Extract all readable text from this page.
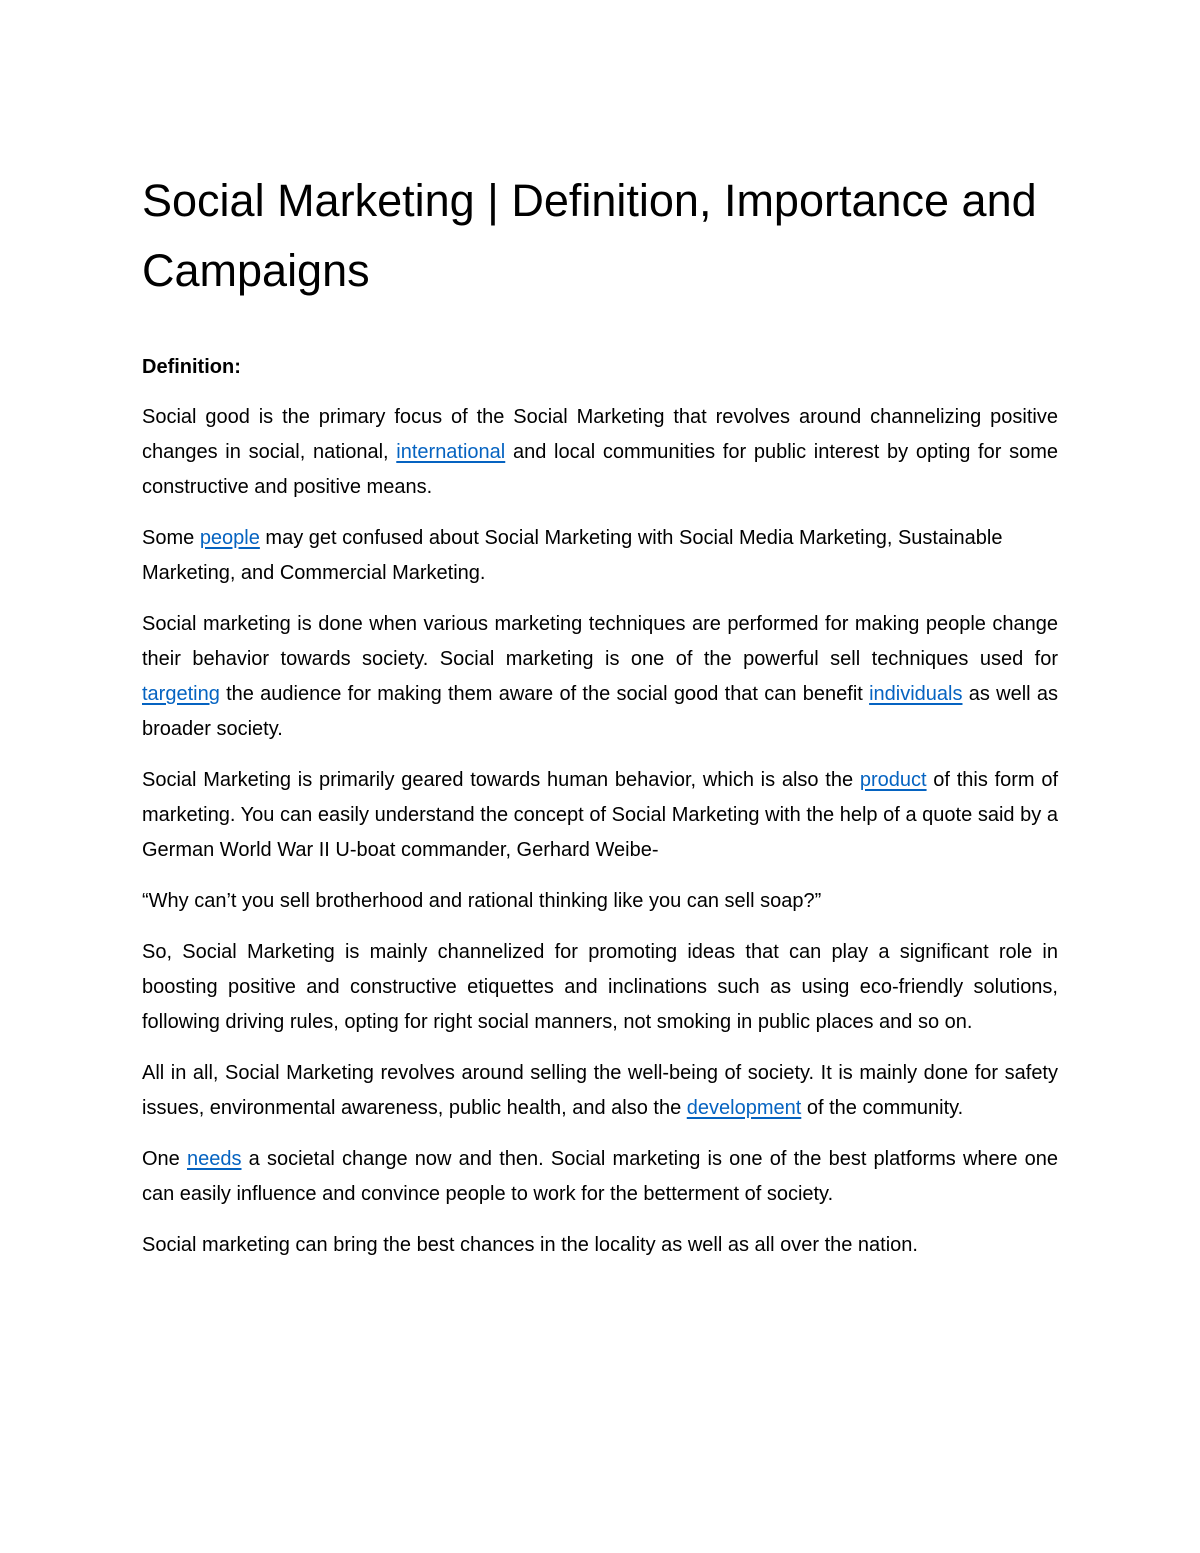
Social Marketing | Definition, Importance and Campaigns
Definition:

Social good is the primary focus of the Social Marketing that revolves around channelizing positive changes in social, national, international and local communities for public interest by opting for some constructive and positive means.

Some people may get confused about Social Marketing with Social Media Marketing, Sustainable Marketing, and Commercial Marketing.

Social marketing is done when various marketing techniques are performed for making people change their behavior towards society. Social marketing is one of the powerful sell techniques used for targeting the audience for making them aware of the social good that can benefit individuals as well as broader society.

Social Marketing is primarily geared towards human behavior, which is also the product of this form of marketing. You can easily understand the concept of Social Marketing with the help of a quote said by a German World War II U-boat commander, Gerhard Weibe-

“Why can’t you sell brotherhood and rational thinking like you can sell soap?”

So, Social Marketing is mainly channelized for promoting ideas that can play a significant role in boosting positive and constructive etiquettes and inclinations such as using eco-friendly solutions, following driving rules, opting for right social manners, not smoking in public places and so on.

All in all, Social Marketing revolves around selling the well-being of society. It is mainly done for safety issues, environmental awareness, public health, and also the development of the community.

One needs a societal change now and then. Social marketing is one of the best platforms where one can easily influence and convince people to work for the betterment of society.

Social marketing can bring the best chances in the locality as well as all over the nation.
